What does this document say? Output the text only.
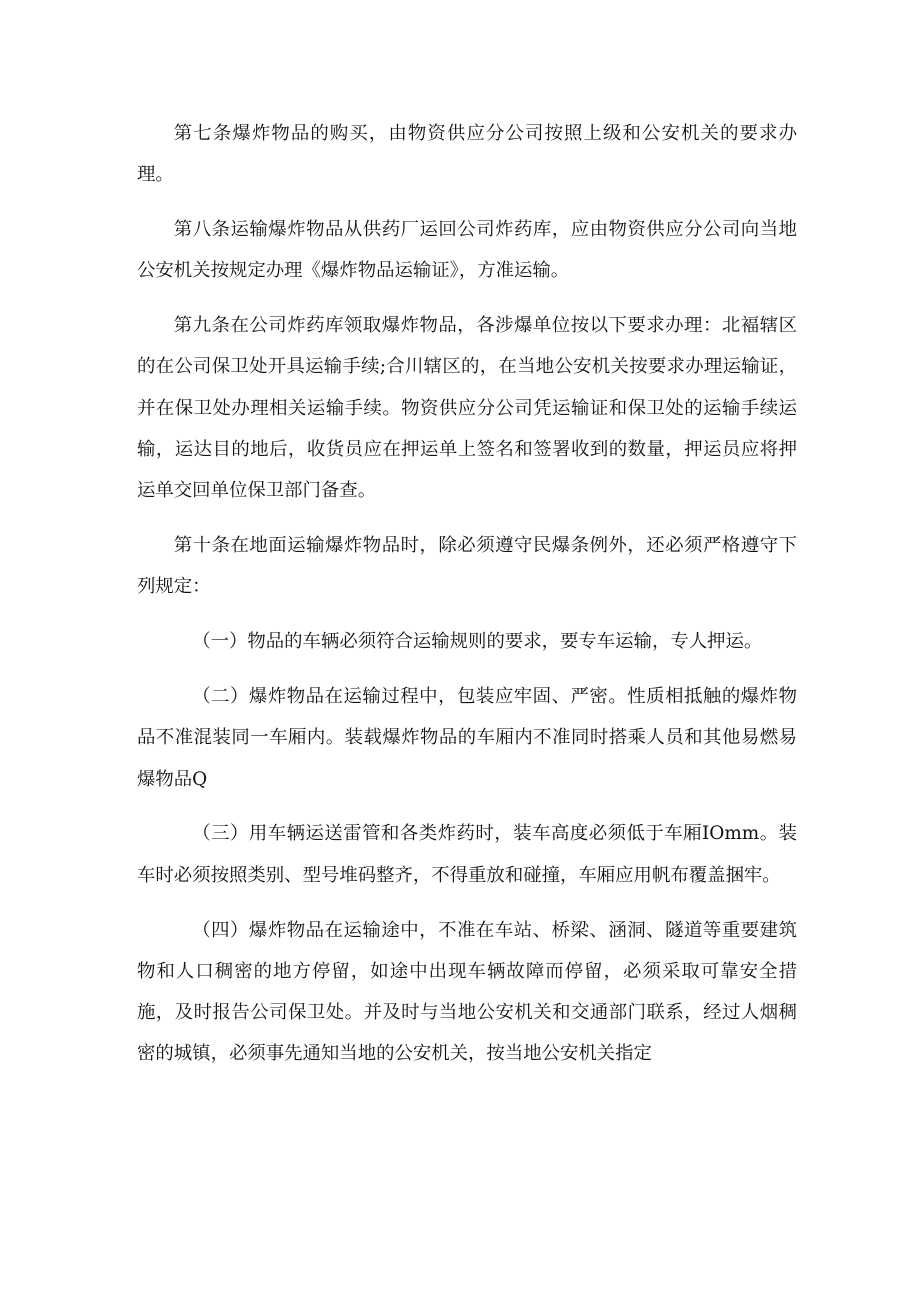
第七条爆炸物品的购买，由物资供应分公司按照上级和公安机关的要求办理。

第八条运输爆炸物品从供药厂运回公司炸药库，应由物资供应分公司向当地公安机关按规定办理《爆炸物品运输证》，方准运输。

第九条在公司炸药库领取爆炸物品，各涉爆单位按以下要求办理：北褔辖区的在公司保卫处开具运输手续;合川辖区的，在当地公安机关按要求办理运输证，并在保卫处办理相关运输手续。物资供应分公司凭运输证和保卫处的运输手续运输，运达目的地后，收货员应在押运单上签名和签署收到的数量，押运员应将押运单交回单位保卫部门备查。

第十条在地面运输爆炸物品时，除必须遵守民爆条例外，还必须严格遵守下列规定：

（一）物品的车辆必须符合运输规则的要求，要专车运输，专人押运。

（二）爆炸物品在运输过程中，包装应牢固、严密。性质相抵触的爆炸物品不准混装同一车厢内。装载爆炸物品的车厢内不准同时搭乘人员和其他易燃易爆物品Q

（三）用车辆运送雷管和各类炸药时，装车高度必须低于车厢IOmm。装车时必须按照类别、型号堆码整齐，不得重放和碰撞，车厢应用帆布覆盖捆牢。

（四）爆炸物品在运输途中，不准在车站、桥梁、涵洞、隧道等重要建筑物和人口稠密的地方停留，如途中出现车辆故障而停留，必须采取可靠安全措施，及时报告公司保卫处。并及时与当地公安机关和交通部门联系，经过人烟稠密的城镇，必须事先通知当地的公安机关，按当地公安机关指定
